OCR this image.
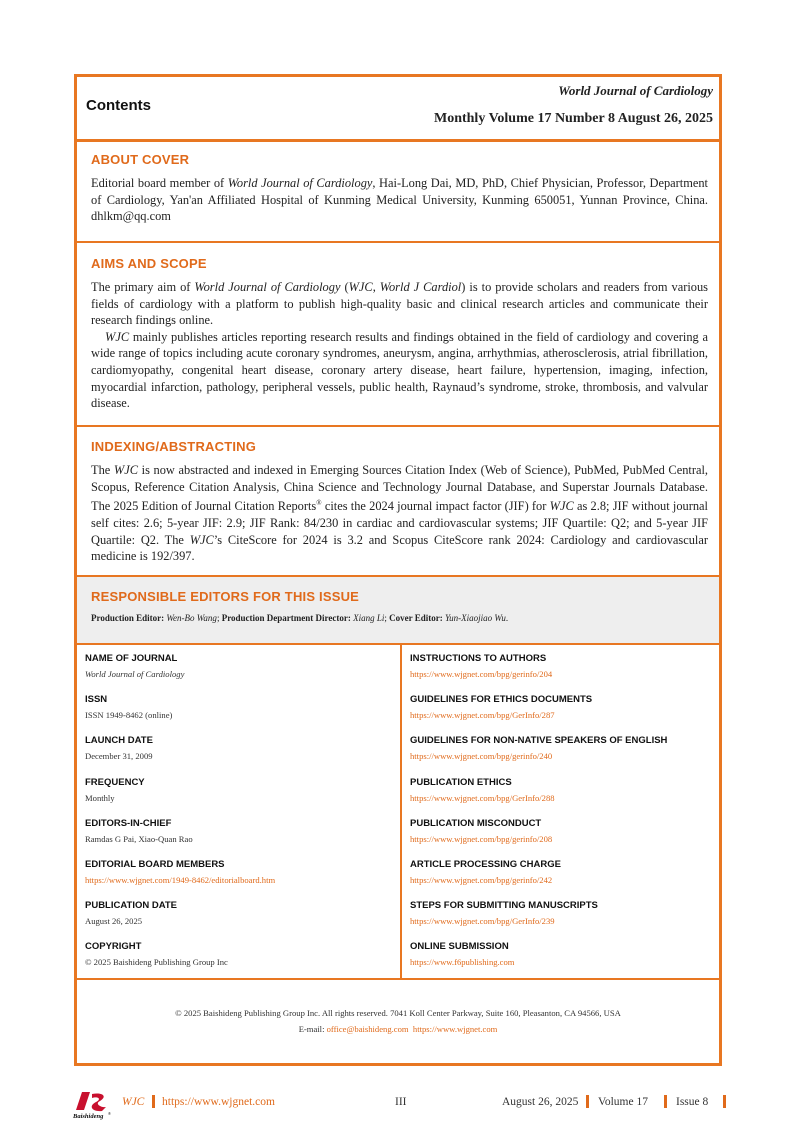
Contents
World Journal of Cardiology
Monthly Volume 17 Number 8 August 26, 2025
ABOUT COVER
Editorial board member of World Journal of Cardiology, Hai-Long Dai, MD, PhD, Chief Physician, Professor, Department of Cardiology, Yan'an Affiliated Hospital of Kunming Medical University, Kunming 650051, Yunnan Province, China. dhlkm@qq.com
AIMS AND SCOPE

The primary aim of World Journal of Cardiology (WJC, World J Cardiol) is to provide scholars and readers from various fields of cardiology with a platform to publish high-quality basic and clinical research articles and communicate their research findings online.

WJC mainly publishes articles reporting research results and findings obtained in the field of cardiology and covering a wide range of topics including acute coronary syndromes, aneurysm, angina, arrhythmias, atherosclerosis, atrial fibrillation, cardiomyopathy, congenital heart disease, coronary artery disease, heart failure, hypertension, imaging, infection, myocardial infarction, pathology, peripheral vessels, public health, Raynaud’s syndrome, stroke, thrombosis, and valvular disease.

INDEXING/ABSTRACTING
The WJC is now abstracted and indexed in Emerging Sources Citation Index (Web of Science), PubMed, PubMed Central, Scopus, Reference Citation Analysis, China Science and Technology Journal Database, and Superstar Journals Database. The 2025 Edition of Journal Citation Reports® cites the 2024 journal impact factor (JIF) for WJC as 2.8; JIF without journal self cites: 2.6; 5-year JIF: 2.9; JIF Rank: 84/230 in cardiac and cardiovascular systems; JIF Quartile: Q2; and 5-year JIF Quartile: Q2. The WJC’s CiteScore for 2024 is 3.2 and Scopus CiteScore rank 2024: Cardiology and cardiovascular medicine is 192/397.
RESPONSIBLE EDITORS FOR THIS ISSUE
Production Editor: Wen-Bo Wang; Production Department Director: Xiang Li; Cover Editor: Yun-Xiaojiao Wu.
NAME OF JOURNAL
World Journal of Cardiology
ISSN
ISSN 1949-8462 (online)
LAUNCH DATE
December 31, 2009
FREQUENCY
Monthly
EDITORS-IN-CHIEF
Ramdas G Pai, Xiao-Quan Rao
EDITORIAL BOARD MEMBERS
https://www.wjgnet.com/1949-8462/editorialboard.htm
PUBLICATION DATE
August 26, 2025
COPYRIGHT
© 2025 Baishideng Publishing Group Inc
INSTRUCTIONS TO AUTHORS
https://www.wjgnet.com/bpg/gerinfo/204
GUIDELINES FOR ETHICS DOCUMENTS
https://www.wjgnet.com/bpg/GerInfo/287
GUIDELINES FOR NON-NATIVE SPEAKERS OF ENGLISH
https://www.wjgnet.com/bpg/gerinfo/240
PUBLICATION ETHICS
https://www.wjgnet.com/bpg/GerInfo/288
PUBLICATION MISCONDUCT
https://www.wjgnet.com/bpg/gerinfo/208
ARTICLE PROCESSING CHARGE
https://www.wjgnet.com/bpg/gerinfo/242
STEPS FOR SUBMITTING MANUSCRIPTS
https://www.wjgnet.com/bpg/GerInfo/239
ONLINE SUBMISSION
https://www.f6publishing.com
© 2025 Baishideng Publishing Group Inc. All rights reserved. 7041 Koll Center Parkway, Suite 160, Pleasanton, CA 94566, USA
E-mail: office@baishideng.com https://www.wjgnet.com
Baishideng ®
WJC https://www.wjgnet.com	III	August 26, 2025 Volume 17 Issue 8
